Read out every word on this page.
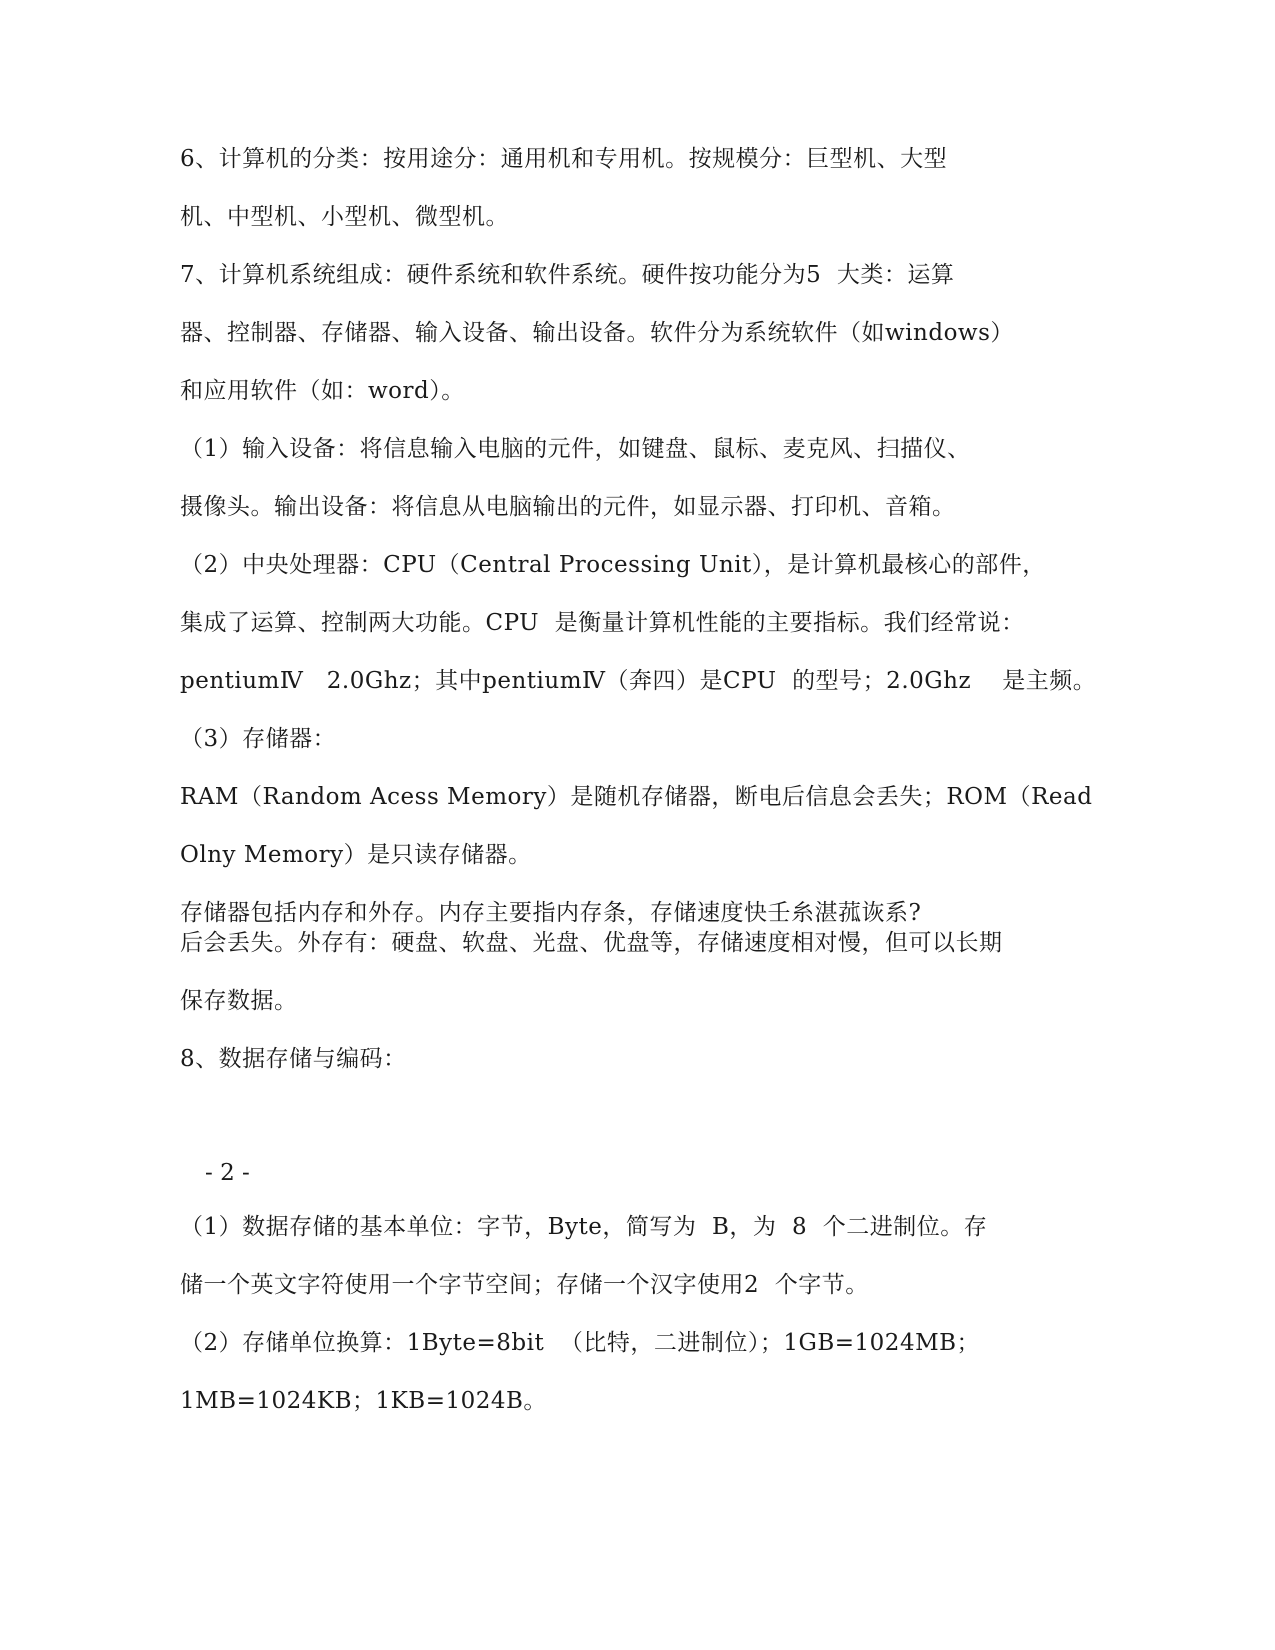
6、计算机的分类：按用途分：通用机和专用机。按规模分：巨型机、大型
机、中型机、小型机、微型机。
7、计算机系统组成：硬件系统和软件系统。硬件按功能分为5  大类：运算
器、控制器、存储器、输入设备、输出设备。软件分为系统软件（如windows）
和应用软件（如：word）。
（1）输入设备：将信息输入电脑的元件，如键盘、鼠标、麦克风、扫描仪、
摄像头。输出设备：将信息从电脑输出的元件，如显示器、打印机、音箱。
（2）中央处理器：CPU（Central Processing Unit），是计算机最核心的部件，
集成了运算、控制两大功能。CPU  是衡量计算机性能的主要指标。我们经常说：
pentiumⅣ   2.0Ghz；其中pentiumⅣ（奔四）是CPU  的型号；2.0Ghz    是主频。
（3）存储器：
RAM（Random Acess Memory）是随机存储器，断电后信息会丢失；ROM（Read
Olny Memory）是只读存储器。
存储器包括内存和外存。内存主要指内存条，存储速度快壬糸湛菰诙系?
后会丢失。外存有：硬盘、软盘、光盘、优盘等，存储速度相对慢，但可以长期
保存数据。
8、数据存储与编码：
- 2 -
（1）数据存储的基本单位：字节，Byte，简写为  B，为  8  个二进制位。存
储一个英文字符使用一个字节空间；存储一个汉字使用2  个字节。
（2）存储单位换算：1Byte=8bit  （比特，二进制位）；1GB=1024MB；
1MB=1024KB；1KB=1024B。
